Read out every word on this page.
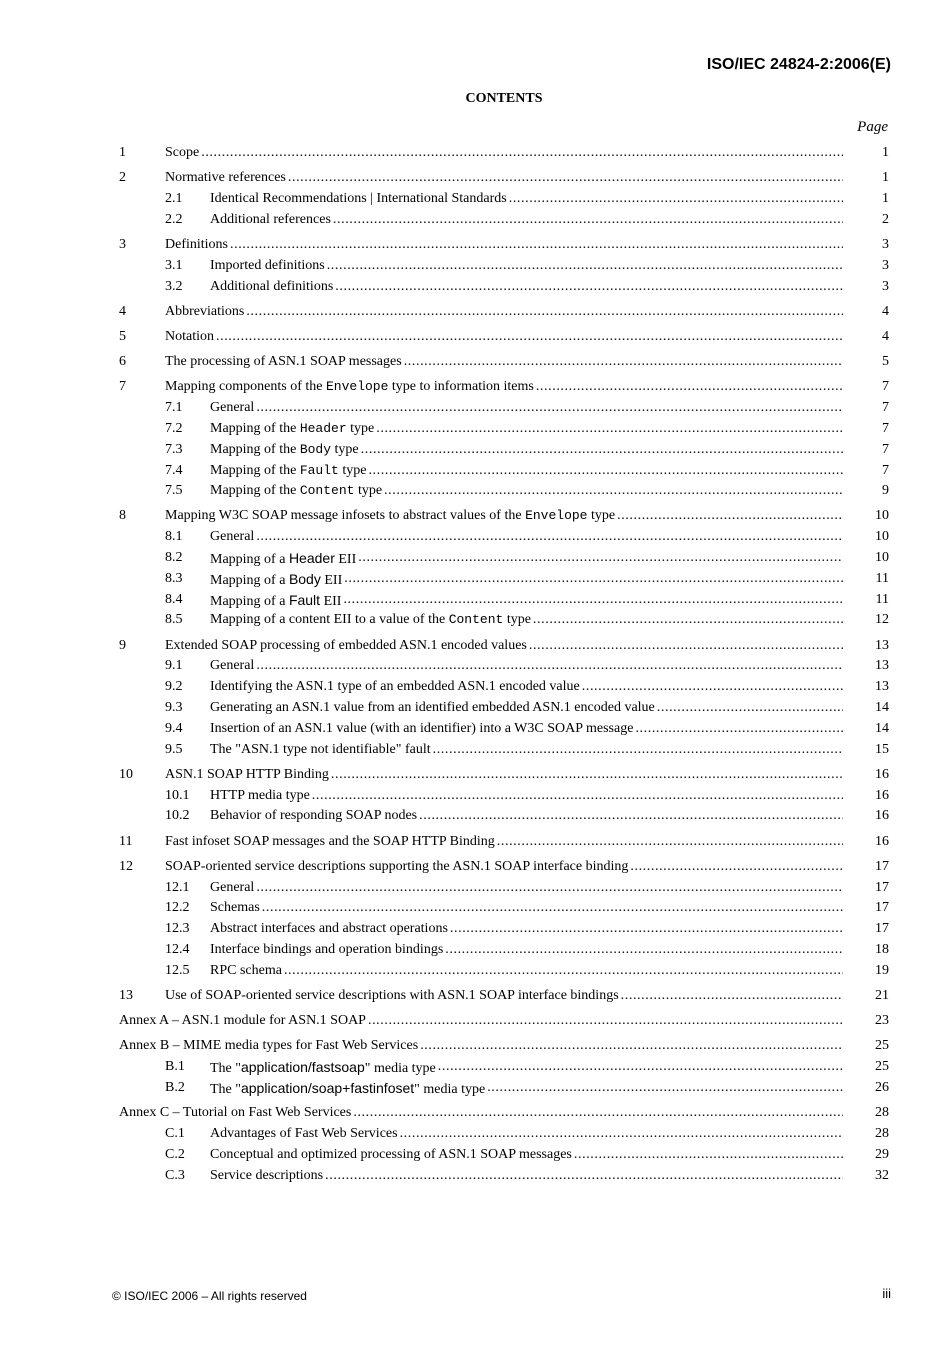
ISO/IEC 24824-2:2006(E)
CONTENTS
Page
1	Scope .....	1
2	Normative references .....	1
2.1 Identical Recommendations | International Standards .....	1
2.2 Additional references .....	2
3	Definitions .....	3
3.1 Imported definitions .....	3
3.2 Additional definitions .....	3
4	Abbreviations .....	4
5	Notation .....	4
6	The processing of ASN.1 SOAP messages .....	5
7	Mapping components of the Envelope type to information items .....	7
7.1 General .....	7
7.2 Mapping of the Header type .....	7
7.3 Mapping of the Body type .....	7
7.4 Mapping of the Fault type .....	7
7.5 Mapping of the Content type .....	9
8	Mapping W3C SOAP message infosets to abstract values of the Envelope type .....	10
8.1 General .....	10
8.2 Mapping of a Header EII .....	10
8.3 Mapping of a Body EII .....	11
8.4 Mapping of a Fault EII .....	11
8.5 Mapping of a content EII to a value of the Content type .....	12
9	Extended SOAP processing of embedded ASN.1 encoded values .....	13
9.1 General .....	13
9.2 Identifying the ASN.1 type of an embedded ASN.1 encoded value .....	13
9.3 Generating an ASN.1 value from an identified embedded ASN.1 encoded value .....	14
9.4 Insertion of an ASN.1 value (with an identifier) into a W3C SOAP message .....	14
9.5 The "ASN.1 type not identifiable" fault .....	15
10 ASN.1 SOAP HTTP Binding .....	16
10.1 HTTP media type .....	16
10.2 Behavior of responding SOAP nodes .....	16
11 Fast infoset SOAP messages and the SOAP HTTP Binding .....	16
12 SOAP-oriented service descriptions supporting the ASN.1 SOAP interface binding .....	17
12.1 General .....	17
12.2 Schemas .....	17
12.3 Abstract interfaces and abstract operations .....	17
12.4 Interface bindings and operation bindings .....	18
12.5 RPC schema .....	19
13 Use of SOAP-oriented service descriptions with ASN.1 SOAP interface bindings .....	21
Annex A – ASN.1 module for ASN.1 SOAP .....	23
Annex B – MIME media types for Fast Web Services .....	25
B.1 The "application/fastsoap" media type .....	25
B.2 The "application/soap+fastinfoset" media type .....	26
Annex C – Tutorial on Fast Web Services .....	28
C.1 Advantages of Fast Web Services .....	28
C.2 Conceptual and optimized processing of ASN.1 SOAP messages .....	29
C.3 Service descriptions .....	32
© ISO/IEC 2006 – All rights reserved	iii
